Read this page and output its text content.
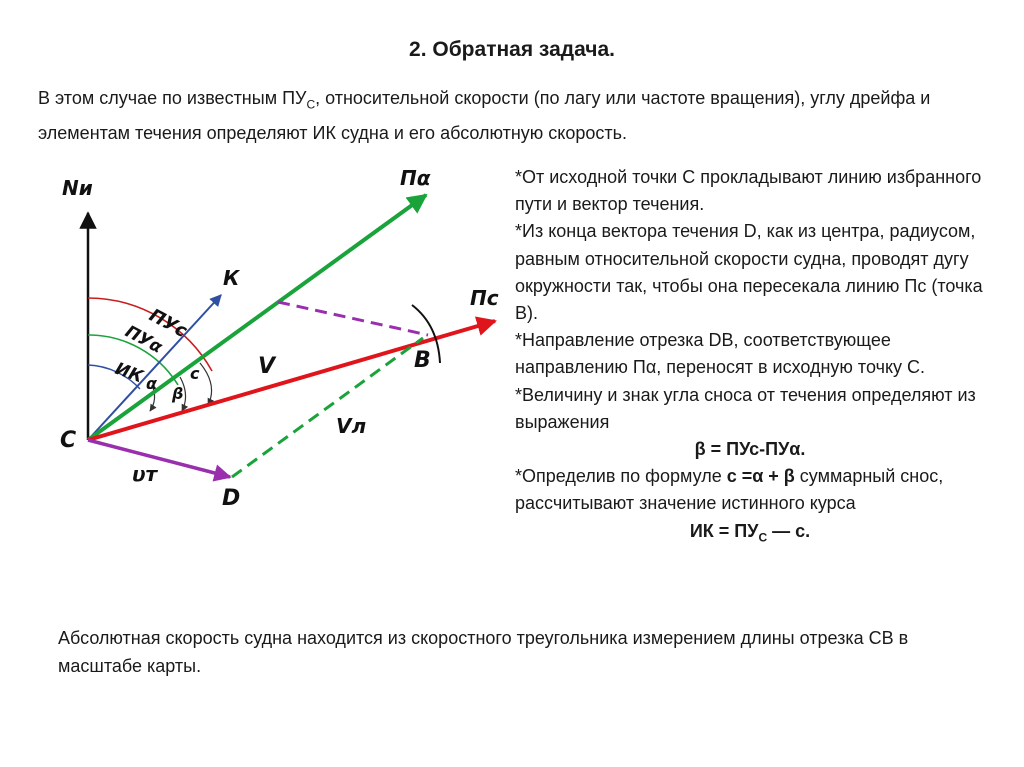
2. Обратная задача.
В этом случае по известным $ПУ_С$, относительной скорости (по лагу или частоте вращения), углу дрейфа и элементам течения определяют ИК судна и его абсолютную скорость.
Nи	Пα
Пс
К
С
D
В
V
Vл
υт
ПУс
ПУα
ИК α
β
с

*От исходной точки С прокладывают линию избранного пути и вектор течения.

*Из конца вектора течения D, как из центра, радиусом, равным относительной скорости судна, проводят дугу окружности так, чтобы она пересекала линию Пс (точка В).

*Направление отрезка DB, соответствующее направлению Пα, переносят в исходную точку С.

*Величину и знак угла сноса от течения определяют из выражения

β = ПУс-ПУα.

*Определив по формуле с =α + β суммарный снос, рассчитывают значение истинного курса

ИК = $ПУ_С$ — с.

Абсолютная скорость судна находится из скоростного треугольника измерением длины отрезка СВ в масштабе карты.
